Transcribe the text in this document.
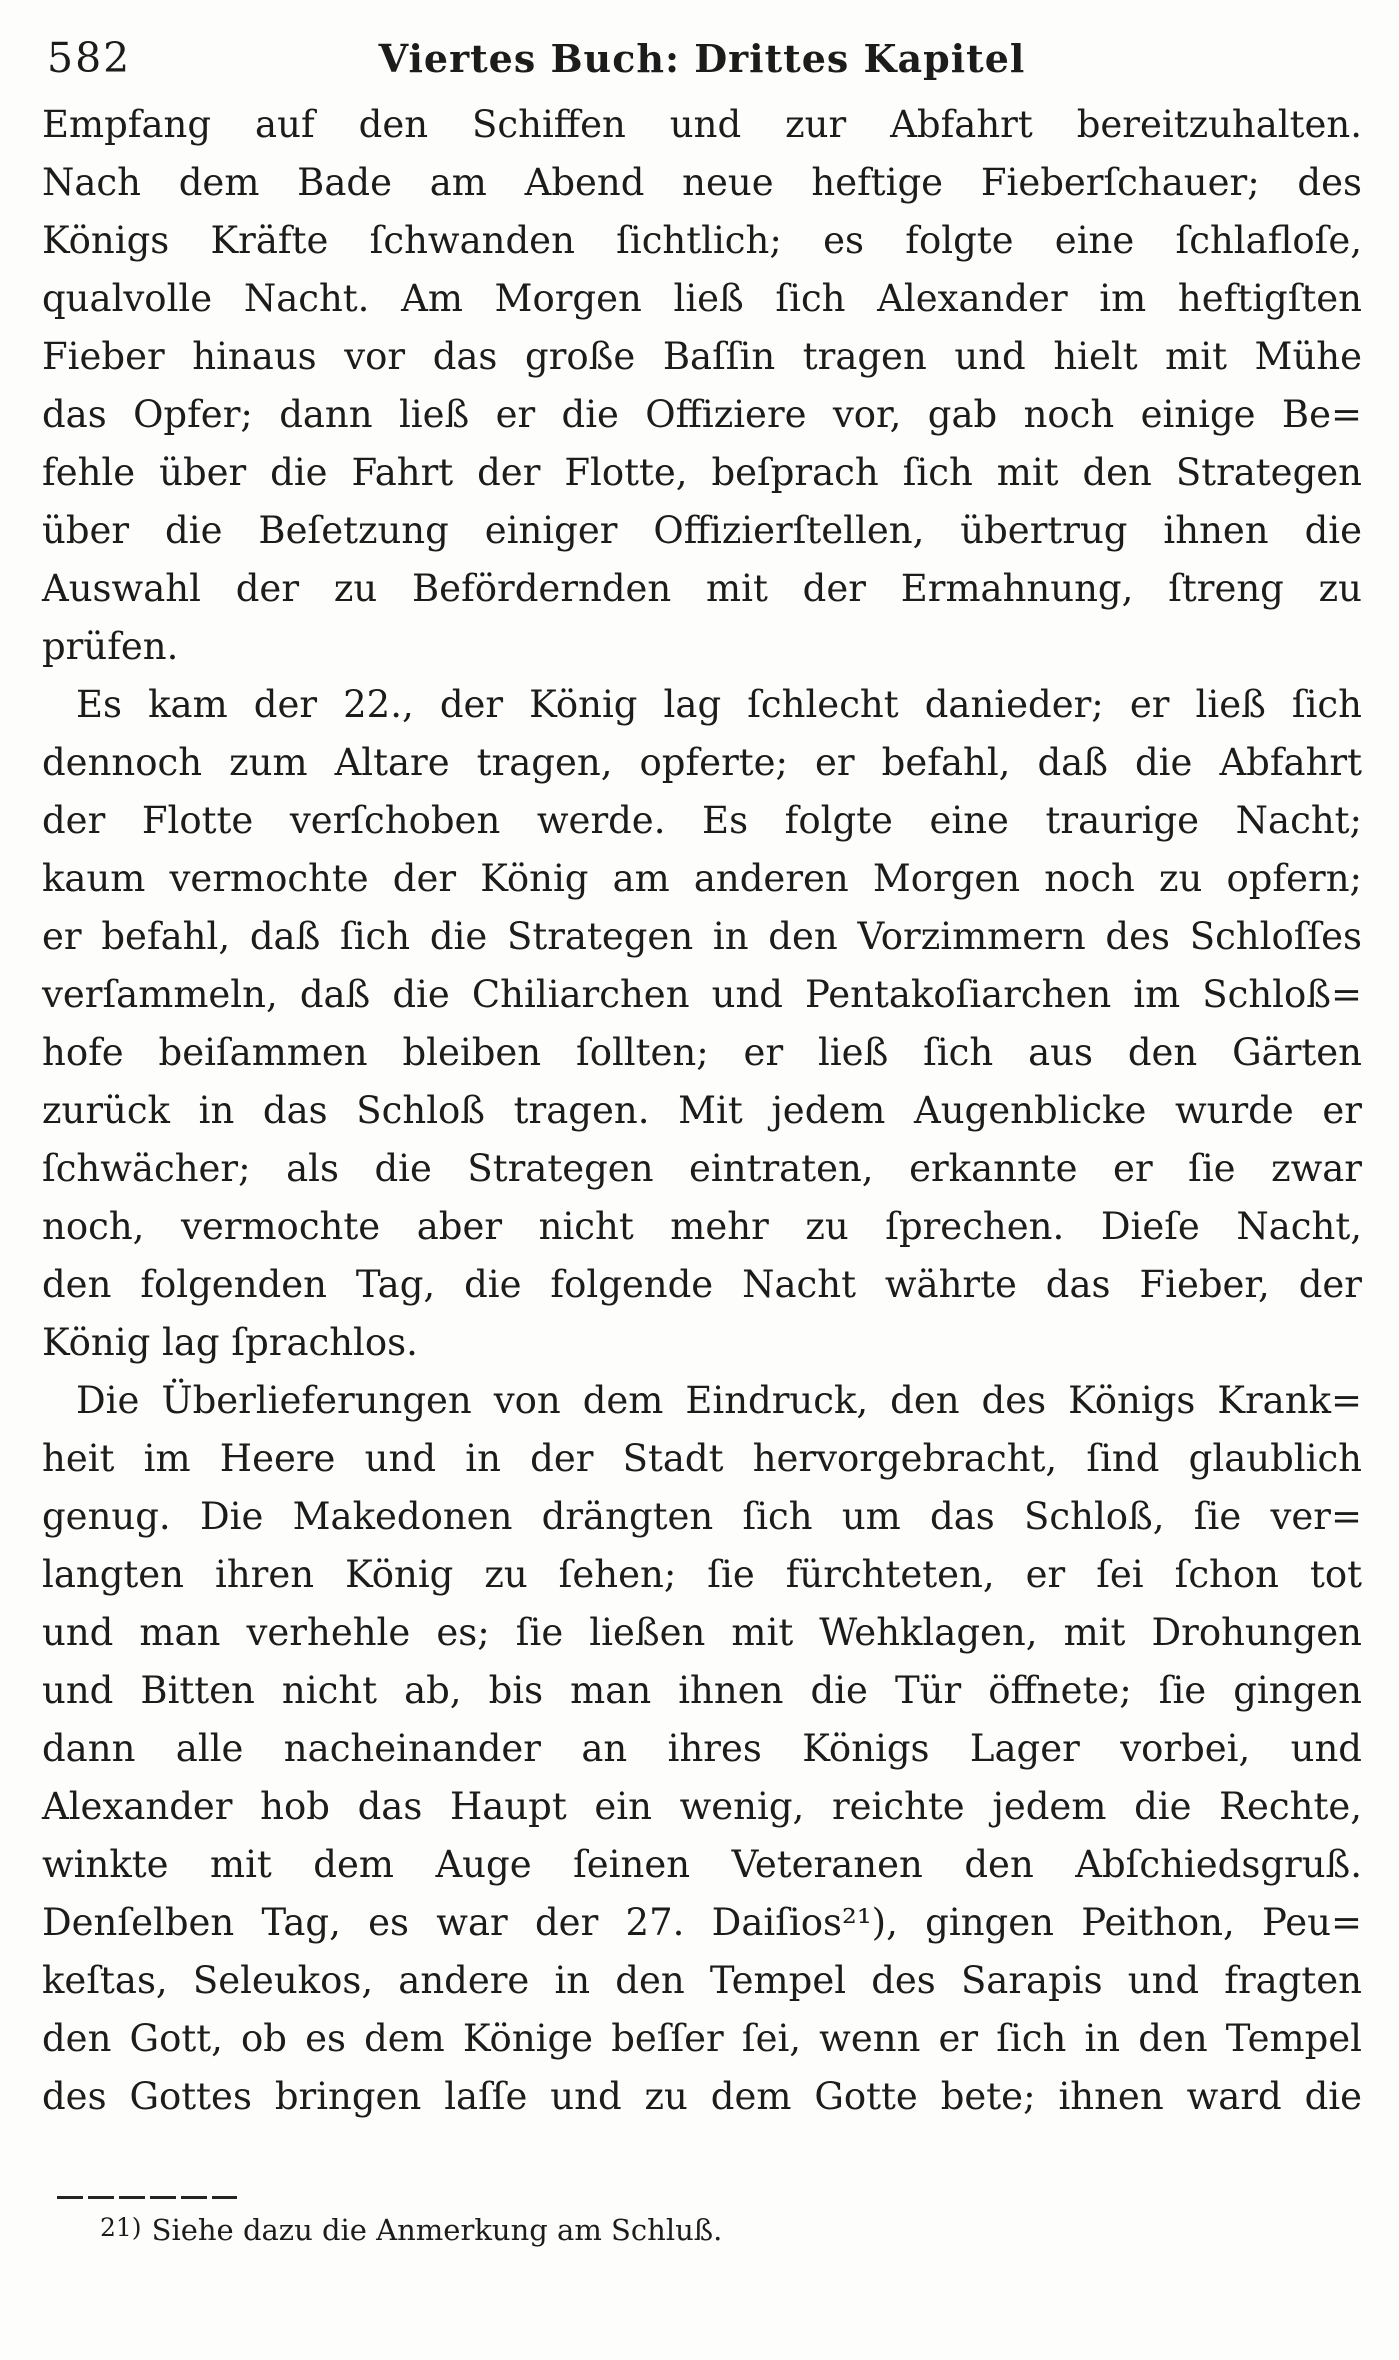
582	Viertes Buch: Drittes Kapitel
Empfang auf den Schiffen und zur Abfahrt bereitzuhalten.
Nach dem Bade am Abend neue heftige Fieberſchauer; des
Königs Kräfte ſchwanden ſichtlich; es folgte eine ſchlafloſe,
qualvolle Nacht. Am Morgen ließ ſich Alexander im heftigſten
Fieber hinaus vor das große Baſſin tragen und hielt mit Mühe
das Opfer; dann ließ er die Offiziere vor, gab noch einige Be=
fehle über die Fahrt der Flotte, beſprach ſich mit den Strategen
über die Beſetzung einiger Offizierſtellen, übertrug ihnen die
Auswahl der zu Befördernden mit der Ermahnung, ſtreng zu
prüfen.
Es kam der 22., der König lag ſchlecht danieder; er ließ ſich
dennoch zum Altare tragen, opferte; er befahl, daß die Abfahrt
der Flotte verſchoben werde. Es folgte eine traurige Nacht;
kaum vermochte der König am anderen Morgen noch zu opfern;
er befahl, daß ſich die Strategen in den Vorzimmern des Schloſſes
verſammeln, daß die Chiliarchen und Pentakoſiarchen im Schloß=
hofe beiſammen bleiben ſollten; er ließ ſich aus den Gärten
zurück in das Schloß tragen. Mit jedem Augenblicke wurde er
ſchwächer; als die Strategen eintraten, erkannte er ſie zwar
noch, vermochte aber nicht mehr zu ſprechen. Dieſe Nacht,
den folgenden Tag, die folgende Nacht währte das Fieber, der
König lag ſprachlos.
Die Überlieferungen von dem Eindruck, den des Königs Krank=
heit im Heere und in der Stadt hervorgebracht, ſind glaublich
genug. Die Makedonen drängten ſich um das Schloß, ſie ver=
langten ihren König zu ſehen; ſie fürchteten, er ſei ſchon tot
und man verhehle es; ſie ließen mit Wehklagen, mit Drohungen
und Bitten nicht ab, bis man ihnen die Tür öffnete; ſie gingen
dann alle nacheinander an ihres Königs Lager vorbei, und
Alexander hob das Haupt ein wenig, reichte jedem die Rechte,
winkte mit dem Auge ſeinen Veteranen den Abſchiedsgruß.
Denſelben Tag, es war der 27. Daiſios²¹), gingen Peithon, Peu=
keſtas, Seleukos, andere in den Tempel des Sarapis und fragten
den Gott, ob es dem Könige beſſer ſei, wenn er ſich in den Tempel
des Gottes bringen laſſe und zu dem Gotte bete; ihnen ward die
21) Siehe dazu die Anmerkung am Schluß.
